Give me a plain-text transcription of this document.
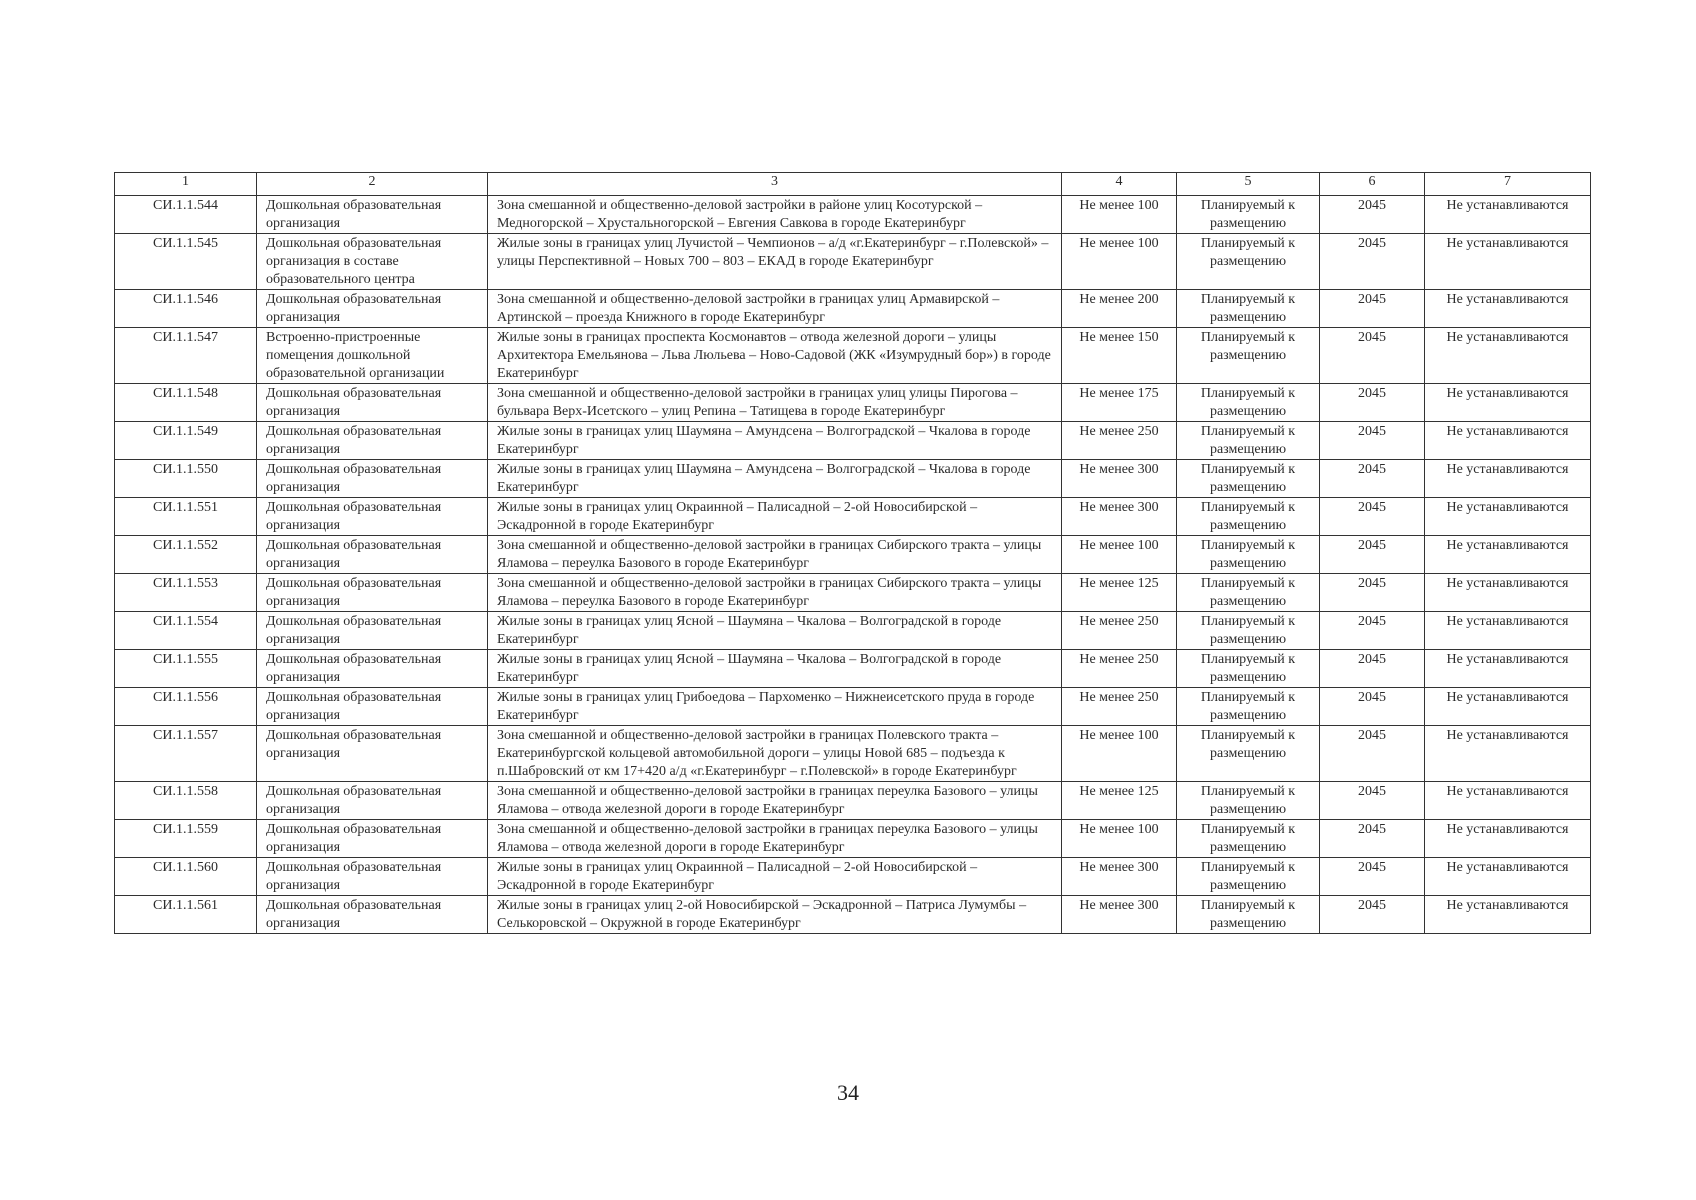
1	2	3	4	5	6	7
СИ.1.1.544	Дошкольная образовательная организация	Зона смешанной и общественно-деловой застройки в районе улиц Косотурской – Медногорской – Хрустальногорской – Евгения Савкова в городе Екатеринбург	Не менее 100	Планируемый к размещению	2045	Не устанавливаются
СИ.1.1.545	Дошкольная образовательная организация в составе образовательного центра	Жилые зоны в границах улиц Лучистой – Чемпионов – а/д «г.Екатеринбург – г.Полевской» – улицы Перспективной – Новых 700 – 803 – ЕКАД в городе Екатеринбург	Не менее 100	Планируемый к размещению	2045	Не устанавливаются
СИ.1.1.546	Дошкольная образовательная организация	Зона смешанной и общественно-деловой застройки в границах улиц Армавирской – Артинской – проезда Книжного в городе Екатеринбург	Не менее 200	Планируемый к размещению	2045	Не устанавливаются
СИ.1.1.547	Встроенно-пристроенные помещения дошкольной образовательной организации	Жилые зоны в границах проспекта Космонавтов – отвода железной дороги – улицы Архитектора Емельянова – Льва Люльева – Ново-Садовой (ЖК «Изумрудный бор») в городе Екатеринбург	Не менее 150	Планируемый к размещению	2045	Не устанавливаются
СИ.1.1.548	Дошкольная образовательная организация	Зона смешанной и общественно-деловой застройки в границах улиц улицы Пирогова – бульвара Верх-Исетского – улиц Репина – Татищева в городе Екатеринбург	Не менее 175	Планируемый к размещению	2045	Не устанавливаются
СИ.1.1.549	Дошкольная образовательная организация	Жилые зоны в границах улиц Шаумяна – Амундсена – Волгоградской – Чкалова в городе Екатеринбург	Не менее 250	Планируемый к размещению	2045	Не устанавливаются
СИ.1.1.550	Дошкольная образовательная организация	Жилые зоны в границах улиц Шаумяна – Амундсена – Волгоградской – Чкалова в городе Екатеринбург	Не менее 300	Планируемый к размещению	2045	Не устанавливаются
СИ.1.1.551	Дошкольная образовательная организация	Жилые зоны в границах улиц Окраинной – Палисадной – 2-ой Новосибирской – Эскадронной в городе Екатеринбург	Не менее 300	Планируемый к размещению	2045	Не устанавливаются
СИ.1.1.552	Дошкольная образовательная организация	Зона смешанной и общественно-деловой застройки в границах Сибирского тракта – улицы Яламова – переулка Базового в городе Екатеринбург	Не менее 100	Планируемый к размещению	2045	Не устанавливаются
СИ.1.1.553	Дошкольная образовательная организация	Зона смешанной и общественно-деловой застройки в границах Сибирского тракта – улицы Яламова – переулка Базового в городе Екатеринбург	Не менее 125	Планируемый к размещению	2045	Не устанавливаются
СИ.1.1.554	Дошкольная образовательная организация	Жилые зоны в границах улиц Ясной – Шаумяна – Чкалова – Волгоградской в городе Екатеринбург	Не менее 250	Планируемый к размещению	2045	Не устанавливаются
СИ.1.1.555	Дошкольная образовательная организация	Жилые зоны в границах улиц Ясной – Шаумяна – Чкалова – Волгоградской в городе Екатеринбург	Не менее 250	Планируемый к размещению	2045	Не устанавливаются
СИ.1.1.556	Дошкольная образовательная организация	Жилые зоны в границах улиц Грибоедова – Пархоменко – Нижнеисетского пруда в городе Екатеринбург	Не менее 250	Планируемый к размещению	2045	Не устанавливаются
СИ.1.1.557	Дошкольная образовательная организация	Зона смешанной и общественно-деловой застройки в границах Полевского тракта – Екатеринбургской кольцевой автомобильной дороги – улицы Новой 685 – подъезда к п.Шабровский от км 17+420 а/д «г.Екатеринбург – г.Полевской» в городе Екатеринбург	Не менее 100	Планируемый к размещению	2045	Не устанавливаются
СИ.1.1.558	Дошкольная образовательная организация	Зона смешанной и общественно-деловой застройки в границах переулка Базового – улицы Яламова – отвода железной дороги в городе Екатеринбург	Не менее 125	Планируемый к размещению	2045	Не устанавливаются
СИ.1.1.559	Дошкольная образовательная организация	Зона смешанной и общественно-деловой застройки в границах переулка Базового – улицы Яламова – отвода железной дороги в городе Екатеринбург	Не менее 100	Планируемый к размещению	2045	Не устанавливаются
СИ.1.1.560	Дошкольная образовательная организация	Жилые зоны в границах улиц Окраинной – Палисадной – 2-ой Новосибирской – Эскадронной в городе Екатеринбург	Не менее 300	Планируемый к размещению	2045	Не устанавливаются
СИ.1.1.561	Дошкольная образовательная организация	Жилые зоны в границах улиц 2-ой Новосибирской – Эскадронной – Патриса Лумумбы – Селькоровской – Окружной в городе Екатеринбург	Не менее 300	Планируемый к размещению	2045	Не устанавливаются
34
